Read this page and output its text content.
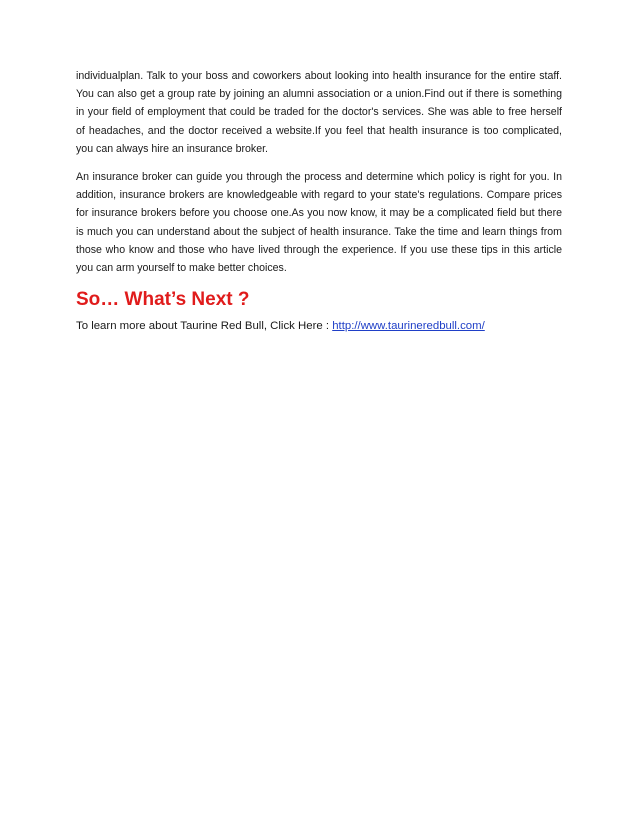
individualplan. Talk to your boss and coworkers about looking into health insurance for the entire staff. You can also get a group rate by joining an alumni association or a union.Find out if there is something in your field of employment that could be traded for the doctor's services. She was able to free herself of headaches, and the doctor received a website.If you feel that health insurance is too complicated, you can always hire an insurance broker.

An insurance broker can guide you through the process and determine which policy is right for you. In addition, insurance brokers are knowledgeable with regard to your state's regulations. Compare prices for insurance brokers before you choose one.As you now know, it may be a complicated field but there is much you can understand about the subject of health insurance. Take the time and learn things from those who know and those who have lived through the experience. If you use these tips in this article you can arm yourself to make better choices.

So… What’s Next ?

To learn more about Taurine Red Bull, Click Here : http://www.taurineredbull.com/
